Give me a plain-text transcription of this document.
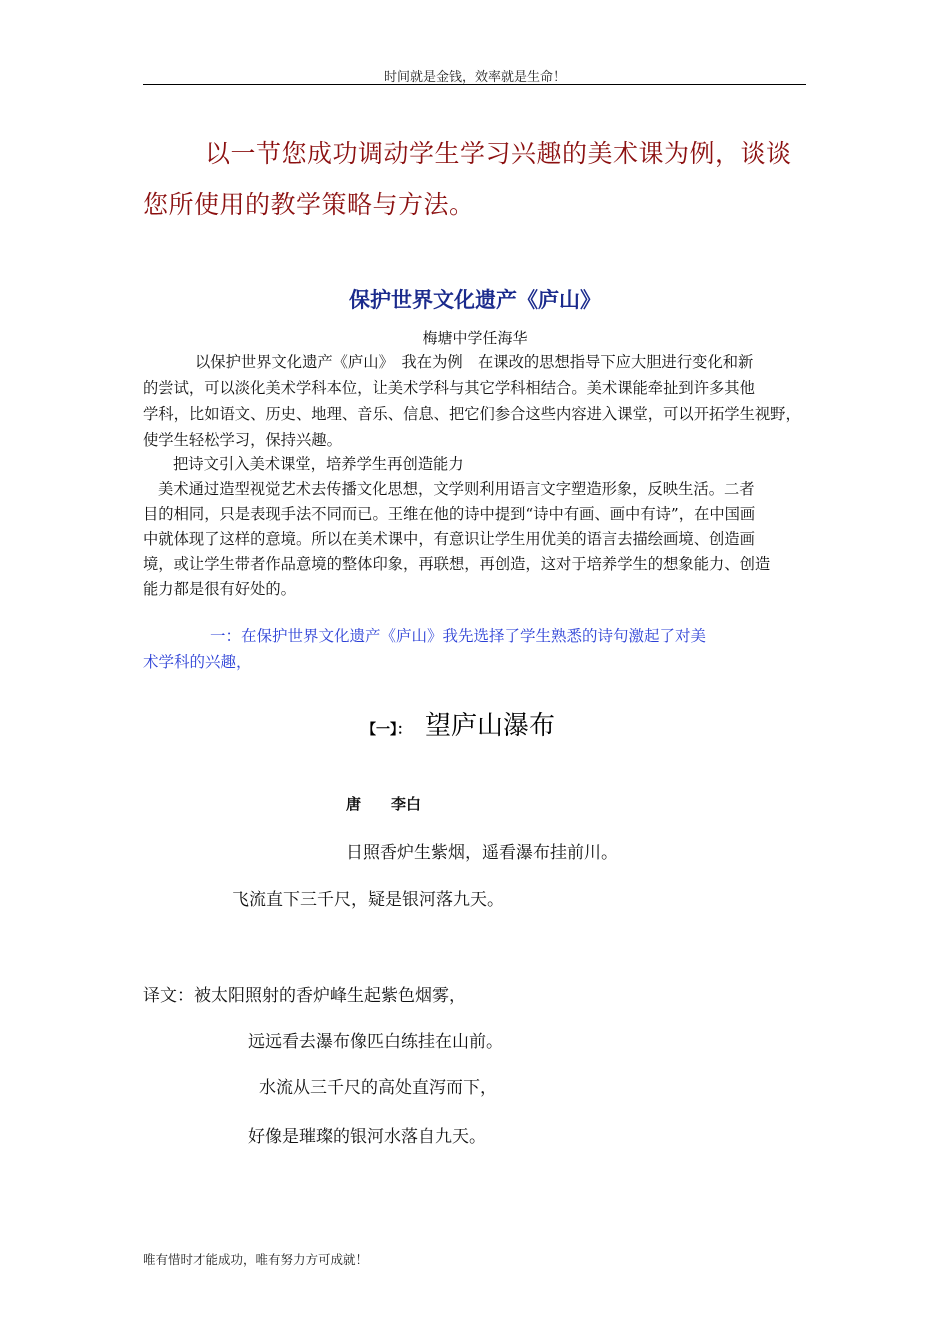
时间就是金钱，效率就是生命！
以一节您成功调动学生学习兴趣的美术课为例，谈谈
您所使用的教学策略与方法。
保护世界文化遗产《庐山》
梅塘中学任海华
以保护世界文化遗产《庐山》　我在为例　在课改的思想指导下应大胆进行变化和新
的尝试，可以淡化美术学科本位，让美术学科与其它学科相结合。美术课能牵扯到许多其他
学科，比如语文、历史、地理、音乐、信息、把它们参合这些内容进入课堂，可以开拓学生视野，
使学生轻松学习，保持兴趣。
把诗文引入美术课堂，培养学生再创造能力
美术通过造型视觉艺术去传播文化思想，文学则利用语言文字塑造形象，反映生活。二者
目的相同，只是表现手法不同而已。王维在他的诗中提到“诗中有画、画中有诗”，在中国画
中就体现了这样的意境。所以在美术课中，有意识让学生用优美的语言去描绘画境、创造画
境，或让学生带者作品意境的整体印象，再联想，再创造，这对于培养学生的想象能力、创造
能力都是很有好处的。
一：在保护世界文化遗产《庐山》我先选择了学生熟悉的诗句激起了对美
术学科的兴趣，
【一】： 望庐山瀑布
唐　　李白
日照香炉生紫烟，遥看瀑布挂前川。
飞流直下三千尺，疑是银河落九天。
译文：被太阳照射的香炉峰生起紫色烟雾，
远远看去瀑布像匹白练挂在山前。
水流从三千尺的高处直泻而下，
好像是璀璨的银河水落自九天。
唯有惜时才能成功，唯有努力方可成就！
